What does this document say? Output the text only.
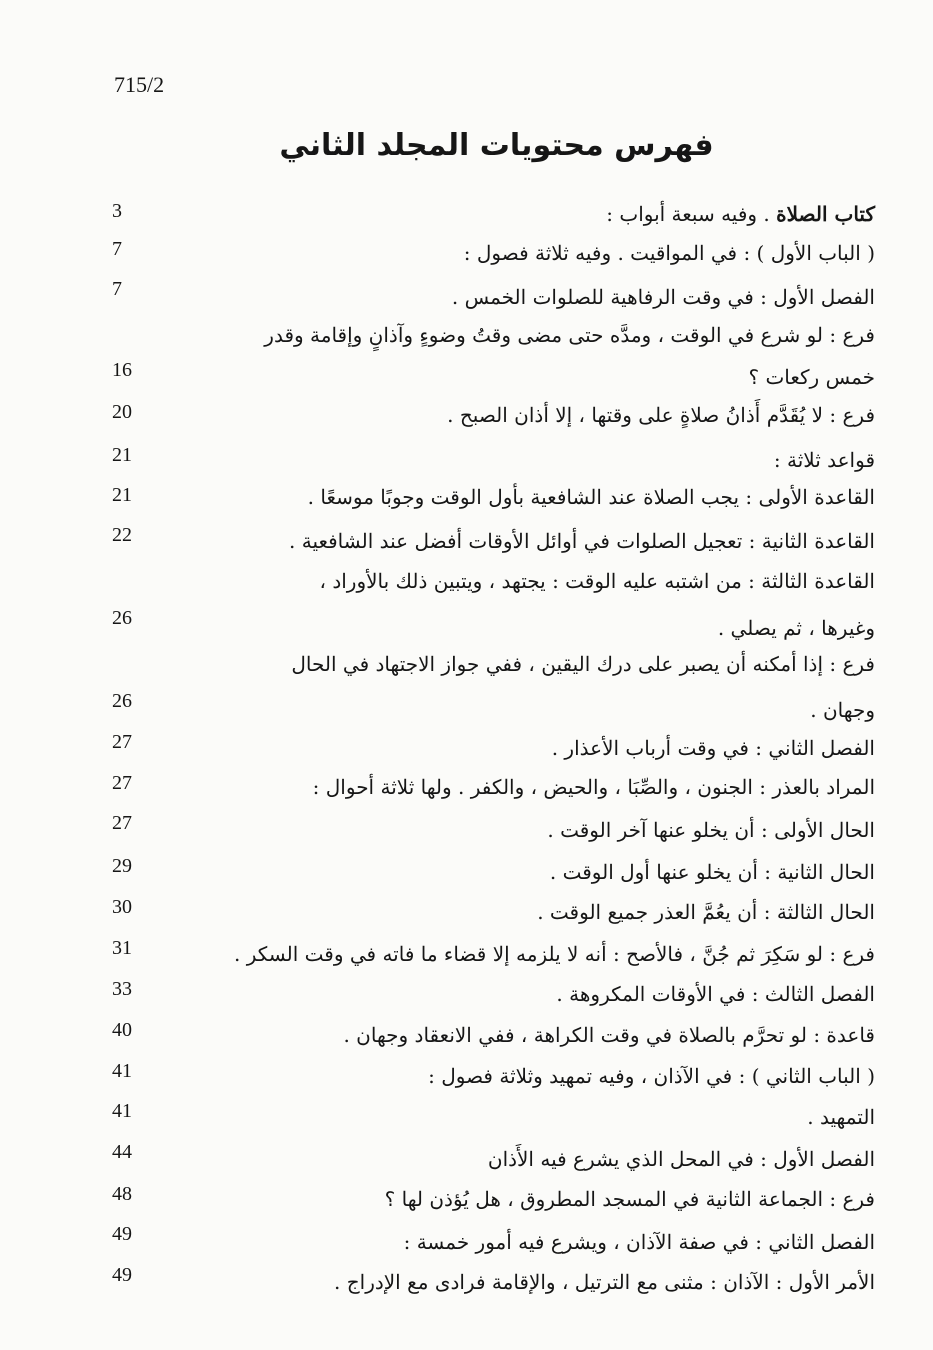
715/2
فهرس محتويات المجلد الثاني
كتاب الصلاة . وفيه سبعة أبواب :
3
( الباب الأول ) : في المواقيت . وفيه ثلاثة فصول :
7
الفصل الأول : في وقت الرفاهية للصلوات الخمس .
7
فرع : لو شرع في الوقت ، ومدَّه حتى مضى وقتُ وضوءٍ وآذانٍ وإقامة وقدر
خمس ركعات ؟
16
فرع : لا يُقَدَّم أَذانُ صلاةٍ على وقتها ، إلا أذان الصبح .
20
قواعد ثلاثة :
21
القاعدة الأولى : يجب الصلاة عند الشافعية بأول الوقت وجوبًا موسعًا .
21
القاعدة الثانية : تعجيل الصلوات في أوائل الأوقات أفضل عند الشافعية .
22
القاعدة الثالثة : من اشتبه عليه الوقت : يجتهد ، ويتبين ذلك بالأوراد ،
وغيرها ، ثم يصلي .
26
فرع : إذا أمكنه أن يصبر على درك اليقين ، ففي جواز الاجتهاد في الحال
وجهان .
26
الفصل الثاني : في وقت أرباب الأعذار .
27
المراد بالعذر : الجنون ، والصِّبَا ، والحيض ، والكفر . ولها ثلاثة أحوال :
27
الحال الأولى : أن يخلو عنها آخر الوقت .
27
الحال الثانية : أن يخلو عنها أول الوقت .
29
الحال الثالثة : أن يعُمَّ العذر جميع الوقت .
30
فرع : لو سَكِرَ ثم جُنَّ ، فالأصح : أنه لا يلزمه إلا قضاء ما فاته في وقت السكر .
31
الفصل الثالث : في الأوقات المكروهة .
33
قاعدة : لو تحرَّم بالصلاة في وقت الكراهة ، ففي الانعقاد وجهان .
40
( الباب الثاني ) : في الآذان ، وفيه تمهيد وثلاثة فصول :
41
التمهيد .
41
الفصل الأول : في المحل الذي يشرع فيه الأَذان
44
فرع : الجماعة الثانية في المسجد المطروق ، هل يُؤذن لها ؟
48
الفصل الثاني : في صفة الآذان ، ويشرع فيه أمور خمسة :
49
الأمر الأول : الآذان : مثنى مع الترتيل ، والإقامة فرادى مع الإدراج .
49
